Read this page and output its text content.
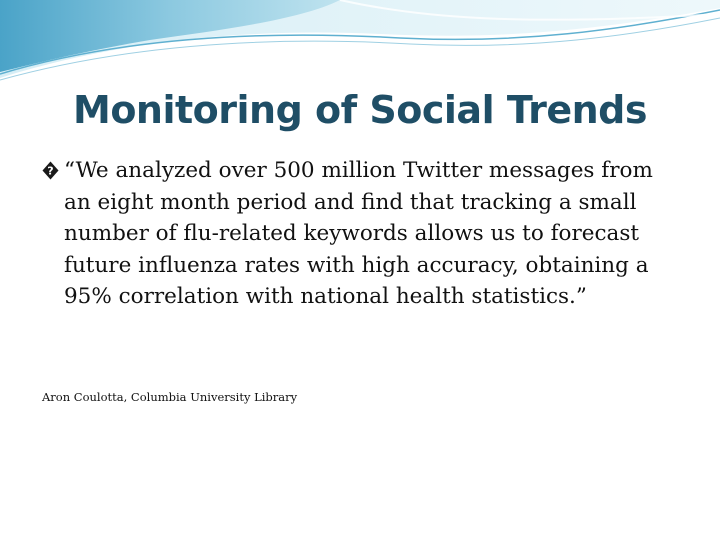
Monitoring of Social Trends
? “We analyzed over 500 million Twitter messages from an eight month period and find that tracking a small number of flu-related keywords allows us to forecast future influenza rates with high accuracy, obtaining a 95% correlation with national health statistics.”
Aron Coulotta, Columbia University Library
